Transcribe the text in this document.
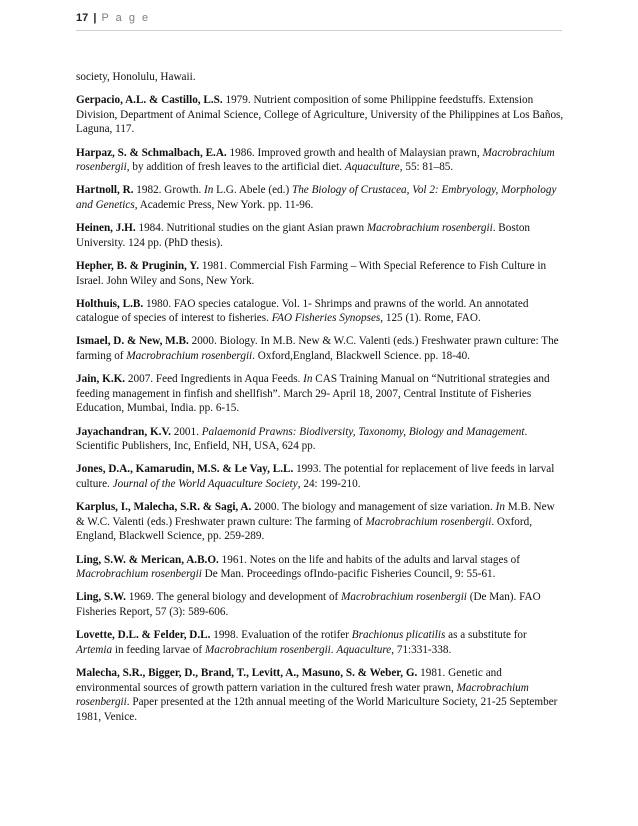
17 | P a g e

society, Honolulu, Hawaii.

Gerpacio, A.L. & Castillo, L.S. 1979. Nutrient composition of some Philippine feedstuffs. Extension Division, Department of Animal Science, College of Agriculture, University of the Philippines at Los Baños, Laguna, 117.

Harpaz, S. & Schmalbach, E.A. 1986. Improved growth and health of Malaysian prawn, Macrobrachium rosenbergii, by addition of fresh leaves to the artificial diet. Aquaculture, 55: 81–85.

Hartnoll, R. 1982. Growth. In L.G. Abele (ed.) The Biology of Crustacea, Vol 2: Embryology, Morphology and Genetics, Academic Press, New York. pp. 11-96.

Heinen, J.H. 1984. Nutritional studies on the giant Asian prawn Macrobrachium rosenbergii. Boston University. 124 pp. (PhD thesis).

Hepher, B. & Pruginin, Y. 1981. Commercial Fish Farming – With Special Reference to Fish Culture in Israel. John Wiley and Sons, New York.

Holthuis, L.B. 1980. FAO species catalogue. Vol. 1- Shrimps and prawns of the world. An annotated catalogue of species of interest to fisheries. FAO Fisheries Synopses, 125 (1). Rome, FAO.

Ismael, D. & New, M.B. 2000. Biology. In M.B. New & W.C. Valenti (eds.) Freshwater prawn culture: The farming of Macrobrachium rosenbergii. Oxford,England, Blackwell Science. pp. 18-40.

Jain, K.K. 2007. Feed Ingredients in Aqua Feeds. In CAS Training Manual on “Nutritional strategies and feeding management in finfish and shellfish”. March 29- April 18, 2007, Central Institute of Fisheries Education, Mumbai, India. pp. 6-15.

Jayachandran, K.V. 2001. Palaemonid Prawns: Biodiversity, Taxonomy, Biology and Management. Scientific Publishers, Inc, Enfield, NH, USA, 624 pp.

Jones, D.A., Kamarudin, M.S. & Le Vay, L.L. 1993. The potential for replacement of live feeds in larval culture. Journal of the World Aquaculture Society, 24: 199-210.

Karplus, I., Malecha, S.R. & Sagi, A. 2000. The biology and management of size variation. In M.B. New & W.C. Valenti (eds.) Freshwater prawn culture: The farming of Macrobrachium rosenbergii. Oxford, England, Blackwell Science, pp. 259-289.

Ling, S.W. & Merican, A.B.O. 1961. Notes on the life and habits of the adults and larval stages of Macrobrachium rosenbergii De Man. Proceedings ofIndo-pacific Fisheries Council, 9: 55-61.

Ling, S.W. 1969. The general biology and development of Macrobrachium rosenbergii (De Man). FAO Fisheries Report, 57 (3): 589-606.

Lovette, D.L. & Felder, D.L. 1998. Evaluation of the rotifer Brachionus plicatilis as a substitute for Artemia in feeding larvae of Macrobrachium rosenbergii. Aquaculture, 71:331-338.

Malecha, S.R., Bigger, D., Brand, T., Levitt, A., Masuno, S. & Weber, G. 1981. Genetic and environmental sources of growth pattern variation in the cultured fresh water prawn, Macrobrachium rosenbergii. Paper presented at the 12th annual meeting of the World Mariculture Society, 21-25 September 1981, Venice.
